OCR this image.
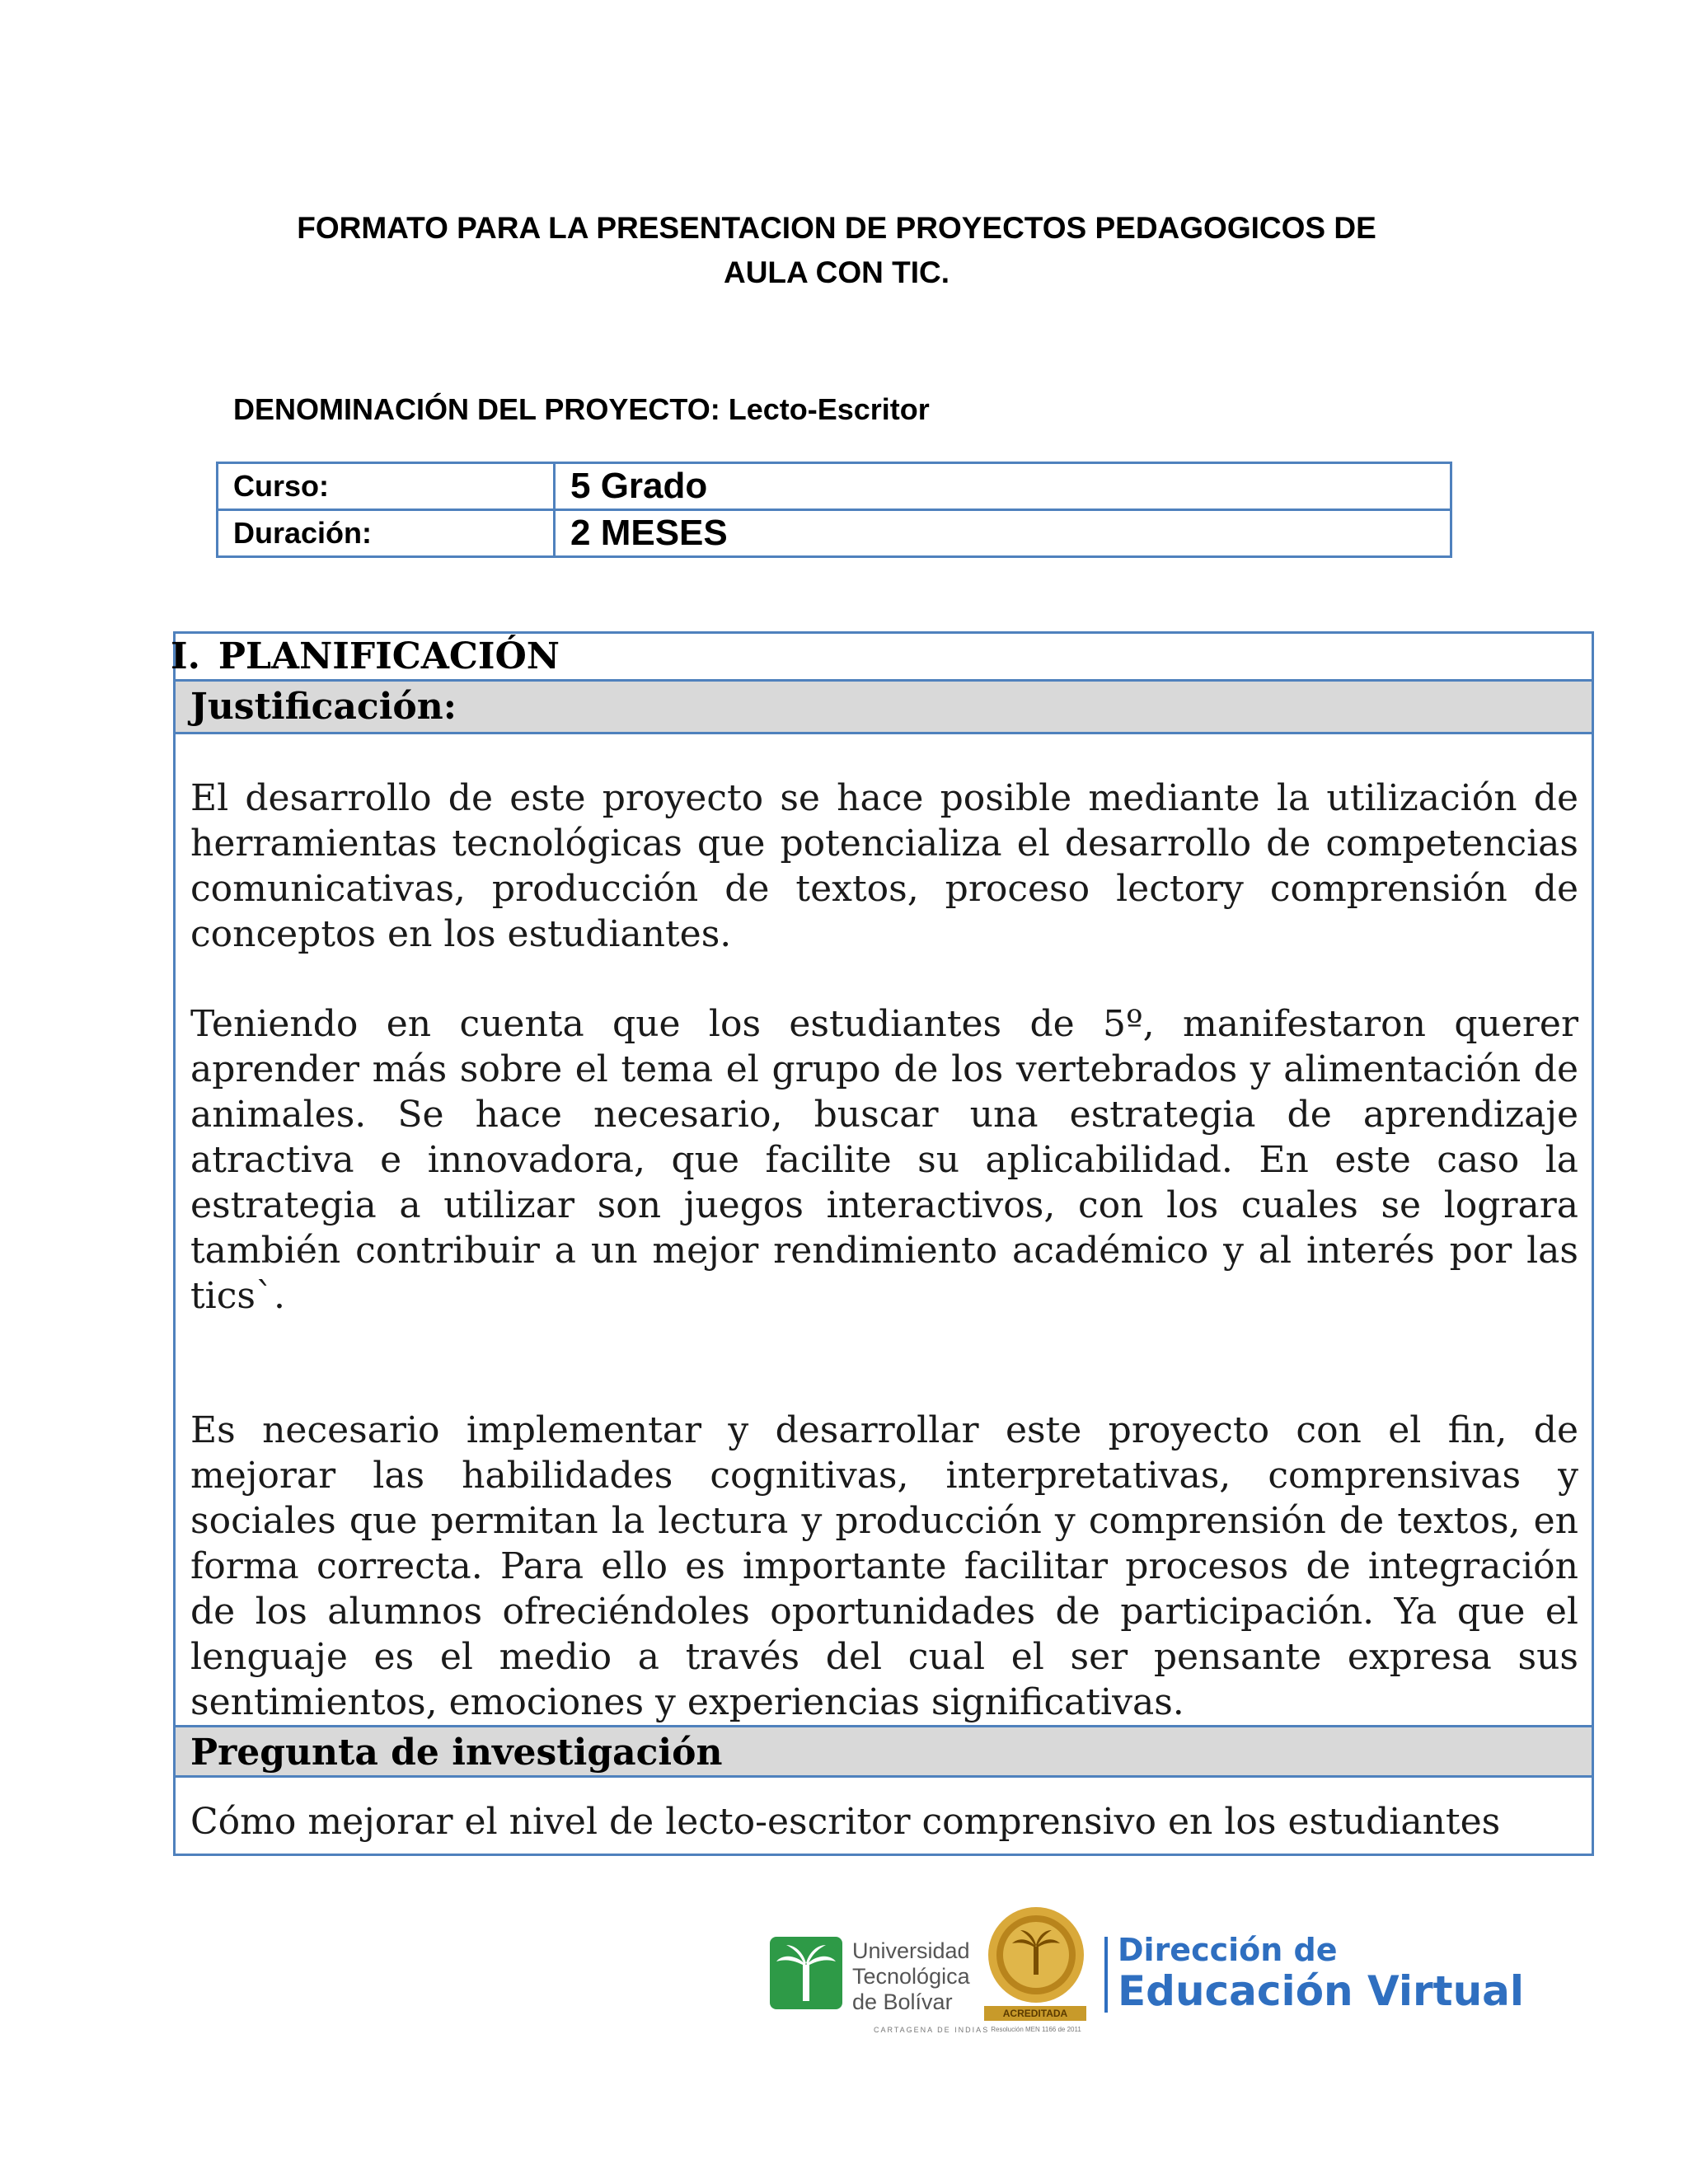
FORMATO PARA LA PRESENTACION DE PROYECTOS PEDAGOGICOS DE
AULA CON TIC.
DENOMINACIÓN DEL PROYECTO: Lecto-Escritor
Curso:	5 Grado
Duración:	2 MESES
I. PLANIFICACIÓN
Justificación:

El desarrollo de este proyecto se hace posible mediante la utilización de herramientas tecnológicas que potencializa el desarrollo de competencias comunicativas, producción de textos, proceso lectory comprensión de conceptos en los estudiantes.

Teniendo en cuenta que los estudiantes de 5º, manifestaron querer aprender más sobre el tema el grupo de los vertebrados y alimentación de animales. Se hace necesario, buscar una estrategia de aprendizaje atractiva e innovadora, que facilite su aplicabilidad. En este caso la estrategia a utilizar son juegos interactivos, con los cuales se lograra también contribuir a un mejor rendimiento académico y al interés por las tics`.

Es necesario implementar y desarrollar este proyecto con el fin, de mejorar las habilidades cognitivas, interpretativas, comprensivas y sociales que permitan la lectura y producción y comprensión de textos, en forma correcta. Para ello es importante facilitar procesos de integración de los alumnos ofreciéndoles oportunidades de participación. Ya que el lenguaje es el medio a través del cual el ser pensante expresa sus sentimientos, emociones y experiencias significativas.

Pregunta de investigación
Cómo mejorar el nivel de lecto-escritor comprensivo en los estudiantes
Universidad
Tecnológica
de Bolívar
CARTAGENA DE INDIAS
ACREDITADA
Resolución MEN 1166 de 2011
Dirección de
Educación Virtual
